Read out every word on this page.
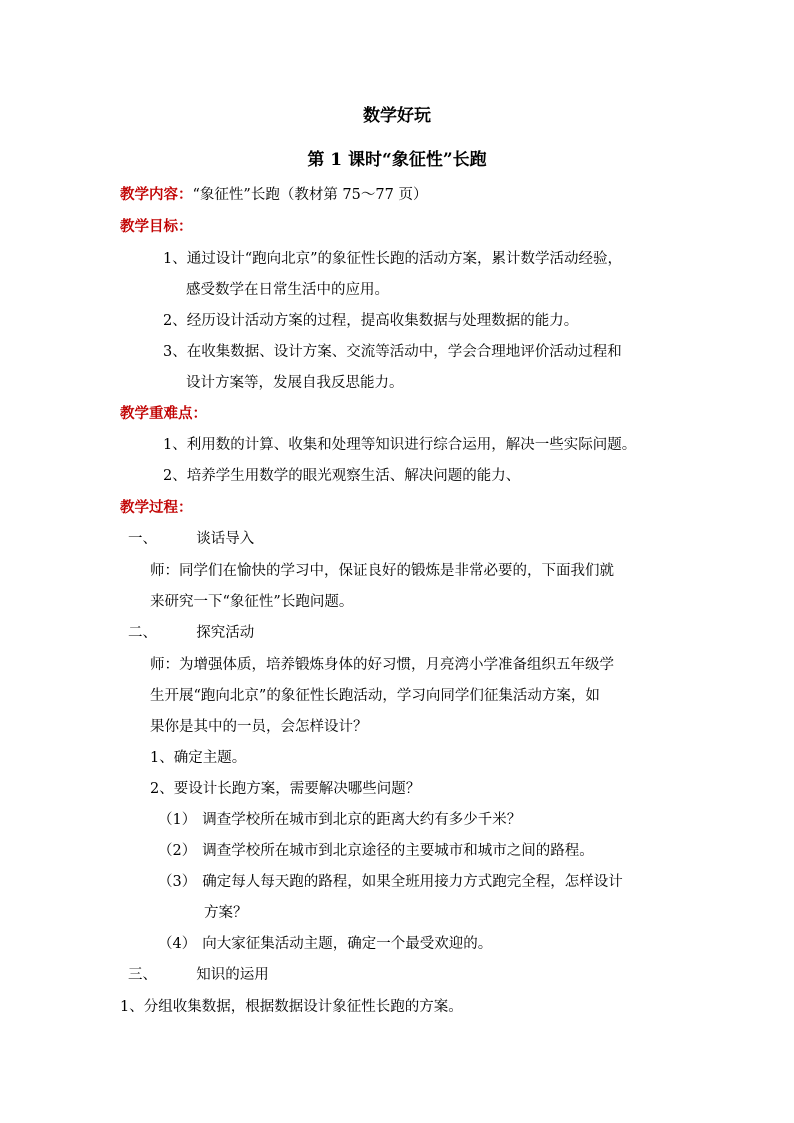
数学好玩
第 1 课时“象征性”长跑
教学内容：“象征性”长跑（教材第 75～77 页）
教学目标：
1、通过设计“跑向北京”的象征性长跑的活动方案，累计数学活动经验，
感受数学在日常生活中的应用。
2、经历设计活动方案的过程，提高收集数据与处理数据的能力。
3、在收集数据、设计方案、交流等活动中，学会合理地评价活动过程和
设计方案等，发展自我反思能力。
教学重难点：
1、利用数的计算、收集和处理等知识进行综合运用，解决一些实际问题。
2、培养学生用数学的眼光观察生活、解决问题的能力、
教学过程：
一、	谈话导入
师：同学们在愉快的学习中，保证良好的锻炼是非常必要的，下面我们就
来研究一下“象征性”长跑问题。
二、	探究活动
师：为增强体质，培养锻炼身体的好习惯，月亮湾小学准备组织五年级学
生开展“跑向北京”的象征性长跑活动，学习向同学们征集活动方案，如
果你是其中的一员，会怎样设计？
1、确定主题。
2、要设计长跑方案，需要解决哪些问题？
（1） 调查学校所在城市到北京的距离大约有多少千米？
（2） 调查学校所在城市到北京途径的主要城市和城市之间的路程。
（3） 确定每人每天跑的路程，如果全班用接力方式跑完全程，怎样设计
方案？
（4） 向大家征集活动主题，确定一个最受欢迎的。
三、	知识的运用
1、分组收集数据，根据数据设计象征性长跑的方案。
